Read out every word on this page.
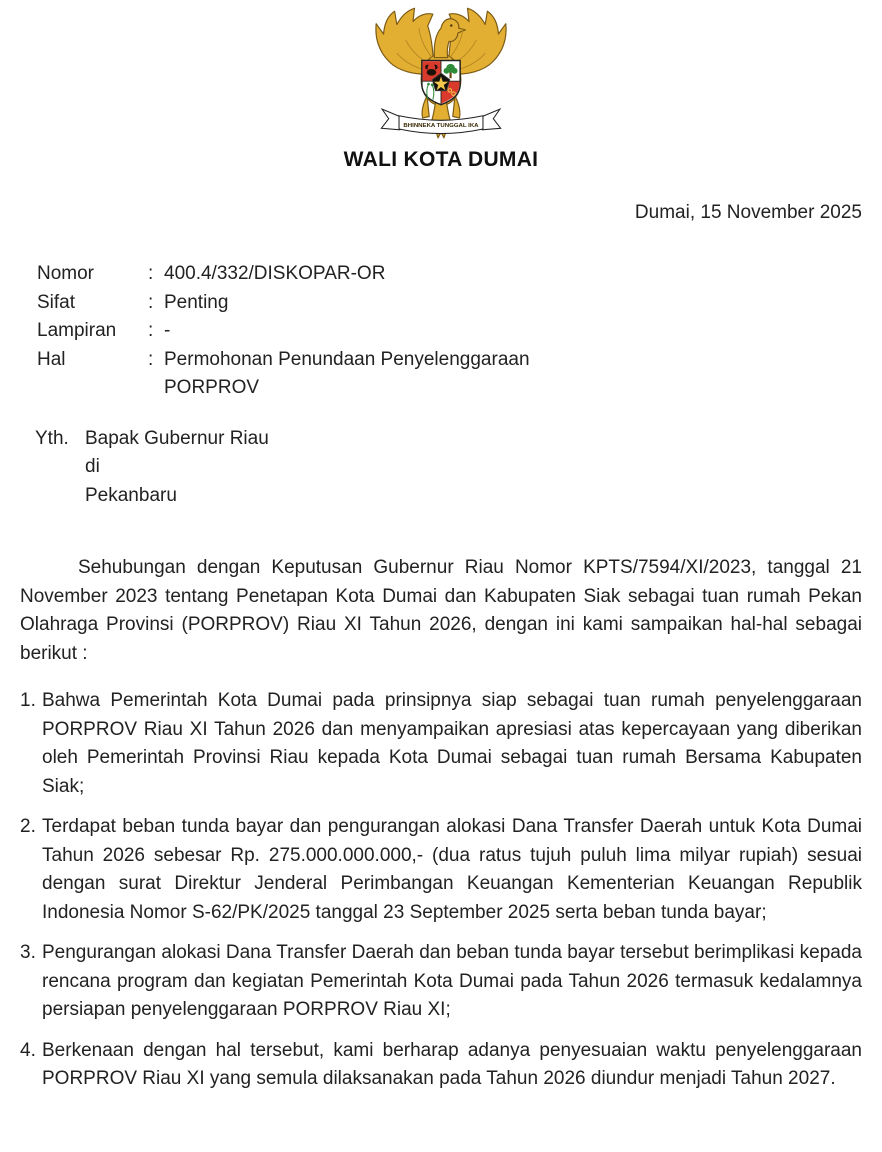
BHINNEKA TUNGGAL IKA
WALI KOTA DUMAI
Dumai, 15 November 2025
Nomor	: 400.4/332/DISKOPAR-OR
Sifat	: Penting
Lampiran	: -
Hal	: Permohonan Penundaan Penyelenggaraan
PORPROV
Yth. Bapak Gubernur Riau
di
Pekanbaru

Sehubungan dengan Keputusan Gubernur Riau Nomor KPTS/7594/XI/2023, tanggal 21 November 2023 tentang Penetapan Kota Dumai dan Kabupaten Siak sebagai tuan rumah Pekan Olahraga Provinsi (PORPROV) Riau XI Tahun 2026, dengan ini kami sampaikan hal-hal sebagai berikut :

1. Bahwa Pemerintah Kota Dumai pada prinsipnya siap sebagai tuan rumah penyelenggaraan PORPROV Riau XI Tahun 2026 dan menyampaikan apresiasi atas kepercayaan yang diberikan oleh Pemerintah Provinsi Riau kepada Kota Dumai sebagai tuan rumah Bersama Kabupaten Siak;
2. Terdapat beban tunda bayar dan pengurangan alokasi Dana Transfer Daerah untuk Kota Dumai Tahun 2026 sebesar Rp. 275.000.000.000,- (dua ratus tujuh puluh lima milyar rupiah) sesuai dengan surat Direktur Jenderal Perimbangan Keuangan Kementerian Keuangan Republik Indonesia Nomor S-62/PK/2025 tanggal 23 September 2025 serta beban tunda bayar;
3. Pengurangan alokasi Dana Transfer Daerah dan beban tunda bayar tersebut berimplikasi kepada rencana program dan kegiatan Pemerintah Kota Dumai pada Tahun 2026 termasuk kedalamnya persiapan penyelenggaraan PORPROV Riau XI;
4. Berkenaan dengan hal tersebut, kami berharap adanya penyesuaian waktu penyelenggaraan PORPROV Riau XI yang semula dilaksanakan pada Tahun 2026 diundur menjadi Tahun 2027.
